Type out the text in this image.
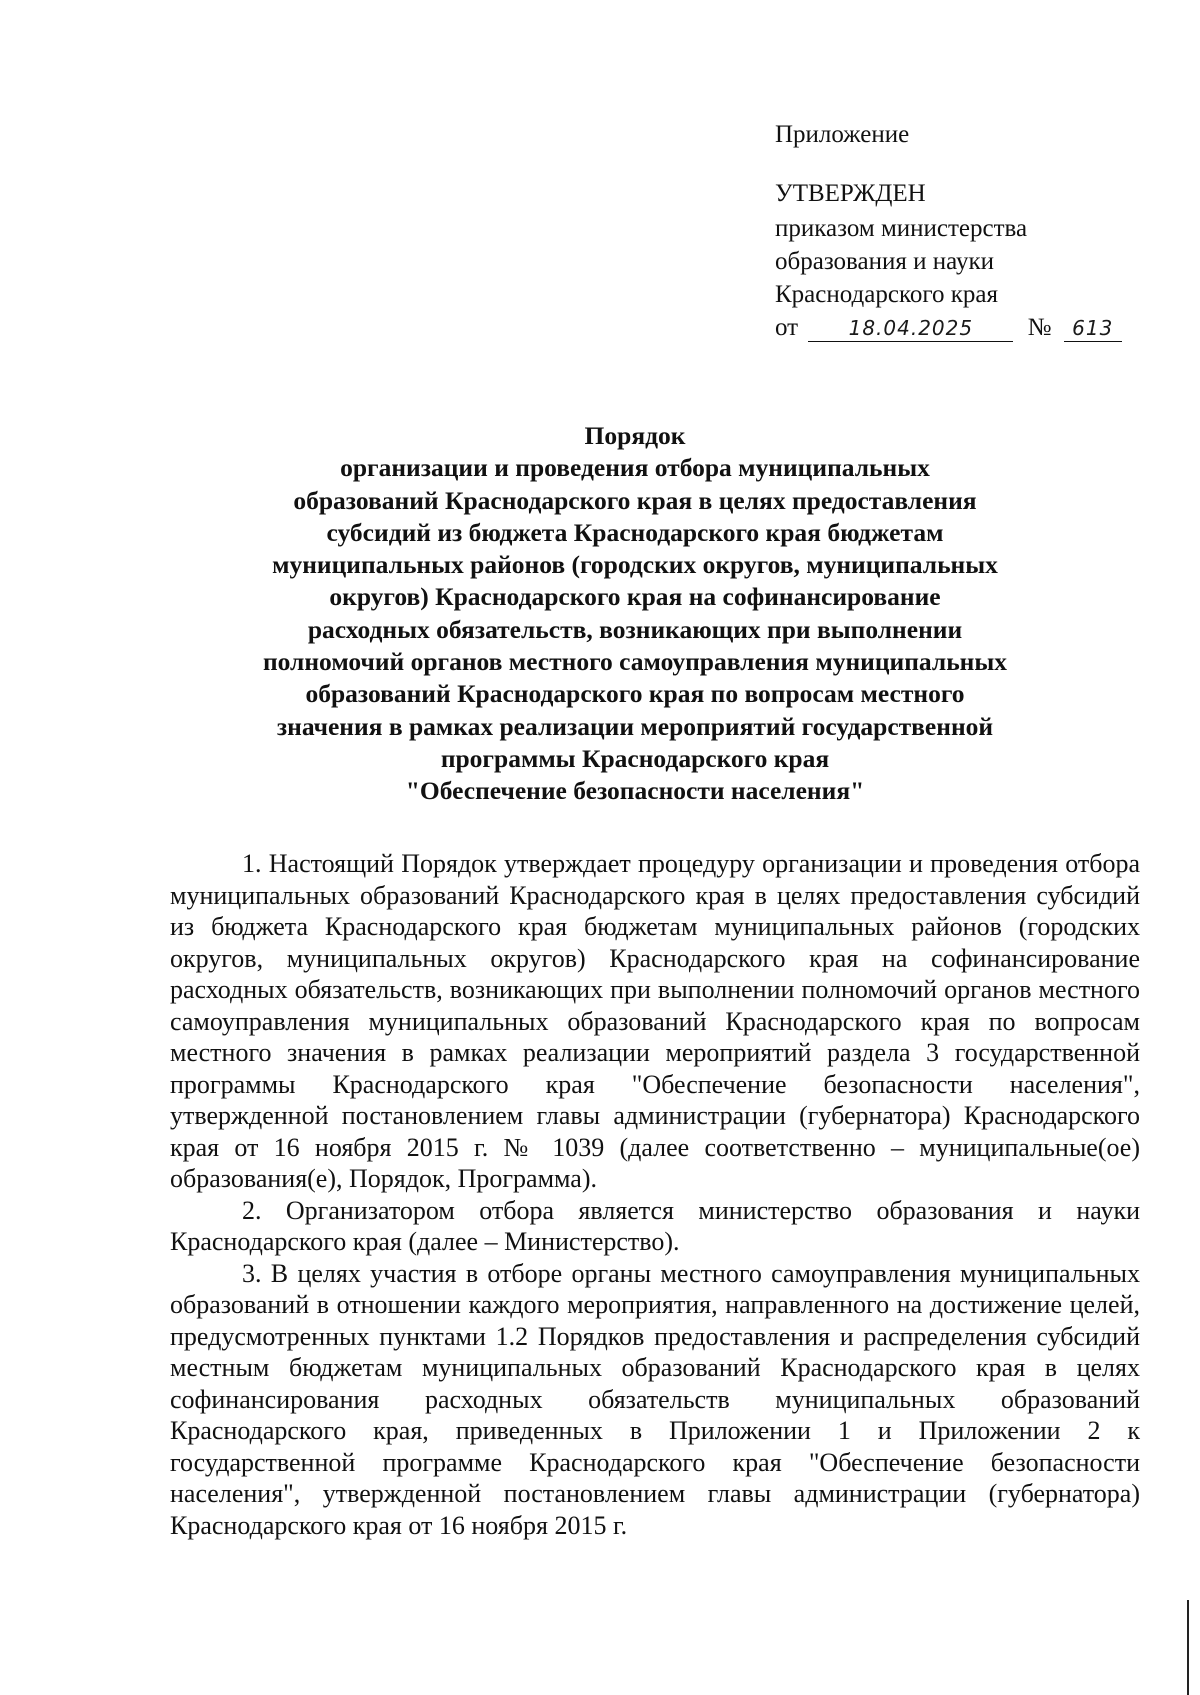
Приложение
УТВЕРЖДЕН
приказом министерства
образования и науки
Краснодарского края
от	18.04.2025 № 613
Порядок
организации и проведения отбора муниципальных
образований Краснодарского края в целях предоставления
субсидий из бюджета Краснодарского края бюджетам
муниципальных районов (городских округов, муниципальных
округов) Краснодарского края на софинансирование
расходных обязательств, возникающих при выполнении
полномочий органов местного самоуправления муниципальных
образований Краснодарского края по вопросам местного
значения в рамках реализации мероприятий государственной
программы Краснодарского края
"Обеспечение безопасности населения"

1. Настоящий Порядок утверждает процедуру организации и проведения отбора муниципальных образований Краснодарского края в целях предоставления субсидий из бюджета Краснодарского края бюджетам муниципальных районов (городских округов, муниципальных округов) Краснодарского края на софинансирование расходных обязательств, возникающих при выполнении полномочий органов местного самоуправления муниципальных образований Краснодарского края по вопросам местного значения в рамках реализации мероприятий раздела 3 государственной программы Краснодарского края "Обеспечение безопасности населения", утвержденной постановлением главы администрации (губернатора) Краснодарского края от 16 ноября 2015 г. № 1039 (далее соответственно – муниципальные(ое) образования(е), Порядок, Программа).

2. Организатором отбора является министерство образования и науки Краснодарского края (далее – Министерство).

3. В целях участия в отборе органы местного самоуправления муниципальных образований в отношении каждого мероприятия, направленного на достижение целей, предусмотренных пунктами 1.2 Порядков предоставления и распределения субсидий местным бюджетам муниципальных образований Краснодарского края в целях софинансирования расходных обязательств муниципальных образований Краснодарского края, приведенных в Приложении 1 и Приложении 2 к государственной программе Краснодарского края "Обеспечение безопасности населения", утвержденной постановлением главы администрации (губернатора) Краснодарского края от 16 ноября 2015 г.
